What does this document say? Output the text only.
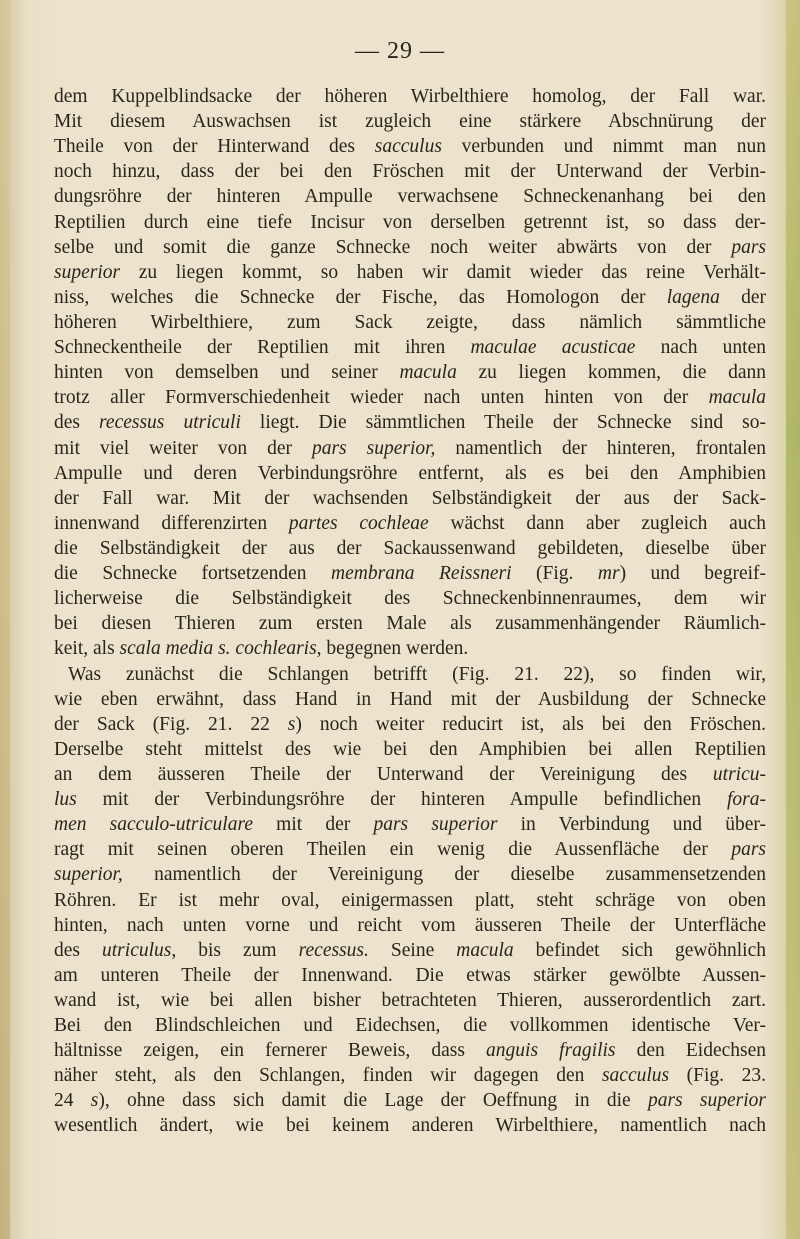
— 29 —
dem Kuppelblindsacke der höheren Wirbelthiere homolog, der Fall war.
Mit diesem Auswachsen ist zugleich eine stärkere Abschnürung der
Theile von der Hinterwand des sacculus verbunden und nimmt man nun
noch hinzu, dass der bei den Fröschen mit der Unterwand der Verbin-
dungsröhre der hinteren Ampulle verwachsene Schneckenanhang bei den
Reptilien durch eine tiefe Incisur von derselben getrennt ist, so dass der-
selbe und somit die ganze Schnecke noch weiter abwärts von der pars
superior zu liegen kommt, so haben wir damit wieder das reine Verhält-
niss, welches die Schnecke der Fische, das Homologon der lagena der
höheren Wirbelthiere, zum Sack zeigte, dass nämlich sämmtliche
Schneckentheile der Reptilien mit ihren maculae acusticae nach unten
hinten von demselben und seiner macula zu liegen kommen, die dann
trotz aller Formverschiedenheit wieder nach unten hinten von der macula
des recessus utriculi liegt. Die sämmtlichen Theile der Schnecke sind so-
mit viel weiter von der pars superior, namentlich der hinteren, frontalen
Ampulle und deren Verbindungsröhre entfernt, als es bei den Amphibien
der Fall war. Mit der wachsenden Selbständigkeit der aus der Sack-
innenwand differenzirten partes cochleae wächst dann aber zugleich auch
die Selbständigkeit der aus der Sackaussenwand gebildeten, dieselbe über
die Schnecke fortsetzenden membrana Reissneri (Fig. mr) und begreif-
licherweise die Selbständigkeit des Schneckenbinnenraumes, dem wir
bei diesen Thieren zum ersten Male als zusammenhängender Räumlich-
keit, als scala media s. cochlearis, begegnen werden.
Was zunächst die Schlangen betrifft (Fig. 21. 22), so finden wir,
wie eben erwähnt, dass Hand in Hand mit der Ausbildung der Schnecke
der Sack (Fig. 21. 22 s) noch weiter reducirt ist, als bei den Fröschen.
Derselbe steht mittelst des wie bei den Amphibien bei allen Reptilien
an dem äusseren Theile der Unterwand der Vereinigung des utricu-
lus mit der Verbindungsröhre der hinteren Ampulle befindlichen fora-
men sacculo-utriculare mit der pars superior in Verbindung und über-
ragt mit seinen oberen Theilen ein wenig die Aussenfläche der pars
superior, namentlich der Vereinigung der dieselbe zusammensetzenden
Röhren. Er ist mehr oval, einigermassen platt, steht schräge von oben
hinten, nach unten vorne und reicht vom äusseren Theile der Unterfläche
des utriculus, bis zum recessus. Seine macula befindet sich gewöhnlich
am unteren Theile der Innenwand. Die etwas stärker gewölbte Aussen-
wand ist, wie bei allen bisher betrachteten Thieren, ausserordentlich zart.
Bei den Blindschleichen und Eidechsen, die vollkommen identische Ver-
hältnisse zeigen, ein fernerer Beweis, dass anguis fragilis den Eidechsen
näher steht, als den Schlangen, finden wir dagegen den sacculus (Fig. 23.
24 s), ohne dass sich damit die Lage der Oeffnung in die pars superior
wesentlich ändert, wie bei keinem anderen Wirbelthiere, namentlich nach
